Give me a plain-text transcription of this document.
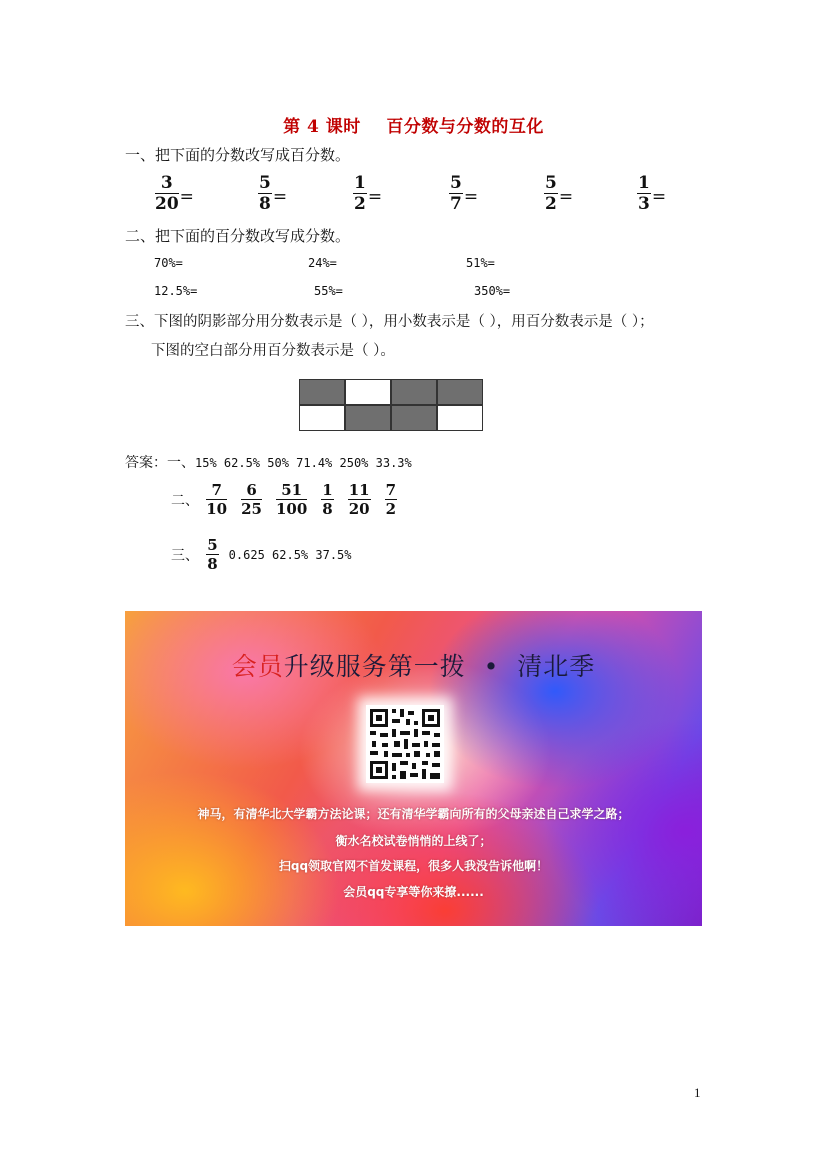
第 4 课时    百分数与分数的互化
一、把下面的分数改写成百分数。
$\frac{3}{20}$ =	$\frac{5}{8}$ =	$\frac{1}{2}$ =	$\frac{5}{7}$ =	$\frac{5}{2}$ =	$\frac{1}{3}$ =
二、把下面的百分数改写成分数。
70%=	24%=	51%=
12.5%=	55%=	350%=
三、下图的阴影部分用分数表示是（ ），用小数表示是（ ），用百分数表示是（ ）；
下图的空白部分用百分数表示是（ ）。
答案：一、15% 62.5% 50% 71.4% 250% 33.3%
二、 $\frac{7}{10} \frac{6}{25} \frac{51}{100} \frac{1}{8} \frac{11}{20} \frac{7}{2}$
三、 $\frac{5}{8} 0.625$ 62.5% 37.5%
会员升级服务第一拨  •  清北季
神马，有清华北大学霸方法论课；还有清华学霸向所有的父母亲述自己求学之路；
衡水名校试卷悄悄的上线了；
扫qq领取官网不首发课程，很多人我没告诉他啊！
会员qq专享等你来撩......
1
